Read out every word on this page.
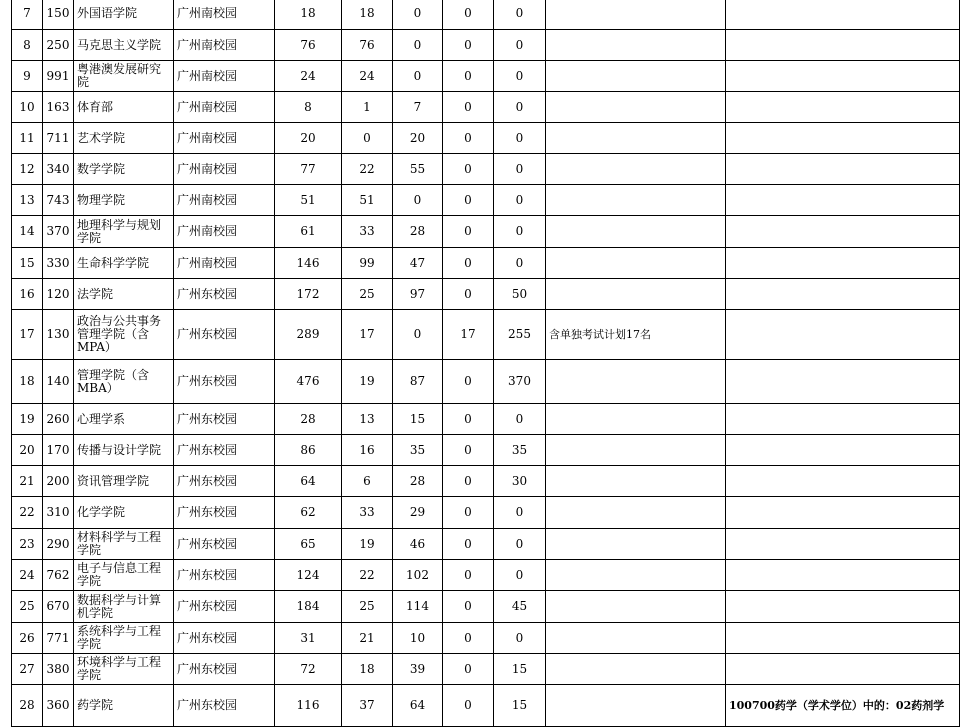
7	150	外国语学院	广州南校园	18	18	0	0	0		
8	250	马克思主义学院	广州南校园	76	76	0	0	0		
9	991	粤港澳发展研究院	广州南校园	24	24	0	0	0		
10	163	体育部	广州南校园	8	1	7	0	0		
11	711	艺术学院	广州南校园	20	0	20	0	0		
12	340	数学学院	广州南校园	77	22	55	0	0		
13	743	物理学院	广州南校园	51	51	0	0	0		
14	370	地理科学与规划学院	广州南校园	61	33	28	0	0		
15	330	生命科学学院	广州南校园	146	99	47	0	0		
16	120	法学院	广州东校园	172	25	97	0	50		
17	130	政治与公共事务管理学院（含MPA）	广州东校园	289	17	0	17	255	含单独考试计划17名	
18	140	管理学院（含MBA）	广州东校园	476	19	87	0	370		
19	260	心理学系	广州东校园	28	13	15	0	0		
20	170	传播与设计学院	广州东校园	86	16	35	0	35		
21	200	资讯管理学院	广州东校园	64	6	28	0	30		
22	310	化学学院	广州东校园	62	33	29	0	0		
23	290	材料科学与工程学院	广州东校园	65	19	46	0	0		
24	762	电子与信息工程学院	广州东校园	124	22	102	0	0		
25	670	数据科学与计算机学院	广州东校园	184	25	114	0	45		
26	771	系统科学与工程学院	广州东校园	31	21	10	0	0		
27	380	环境科学与工程学院	广州东校园	72	18	39	0	15		
28	360	药学院	广州东校园	116	37	64	0	15		100700药学（学术学位）中的：02药剂学
